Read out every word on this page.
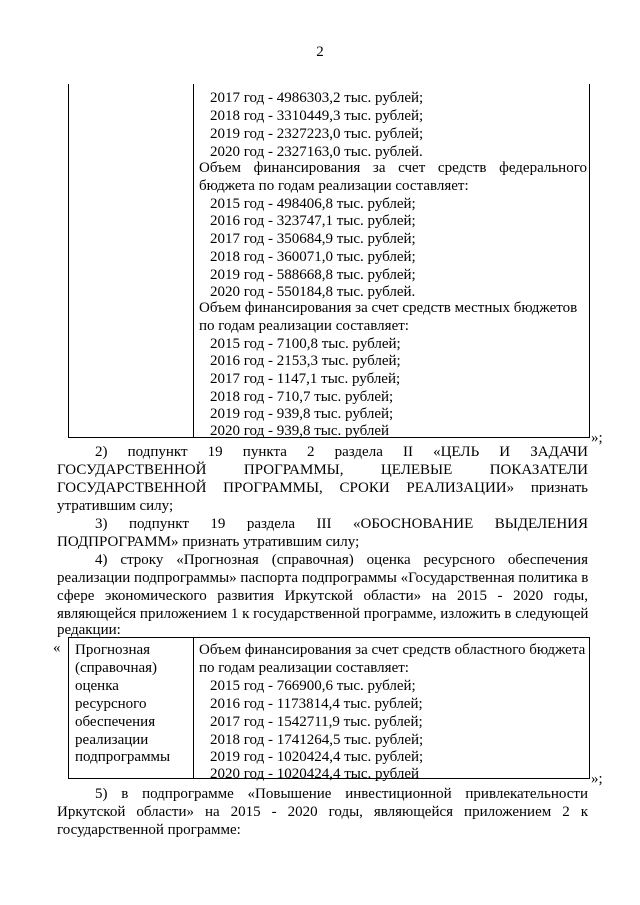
2
2017 год - 4986303,2 тыс. рублей;
2018 год - 3310449,3 тыс. рублей;
2019 год - 2327223,0 тыс. рублей;
2020 год - 2327163,0 тыс. рублей.
Объем финансирования за счет средств федерального
бюджета по годам реализации составляет:
2015 год - 498406,8 тыс. рублей;
2016 год - 323747,1 тыс. рублей;
2017 год - 350684,9 тыс. рублей;
2018 год - 360071,0 тыс. рублей;
2019 год - 588668,8 тыс. рублей;
2020 год - 550184,8 тыс. рублей.
Объем финансирования за счет средств местных бюджетов
по годам реализации составляет:
2015 год - 7100,8 тыс. рублей;
2016 год - 2153,3 тыс. рублей;
2017 год - 1147,1 тыс. рублей;
2018 год - 710,7 тыс. рублей;
2019 год - 939,8 тыс. рублей;
2020 год - 939,8 тыс. рублей	»;
2) подпункт 19 пункта 2 раздела II «ЦЕЛЬ И ЗАДАЧИ
ГОСУДАРСТВЕННОЙ ПРОГРАММЫ, ЦЕЛЕВЫЕ ПОКАЗАТЕЛИ
ГОСУДАРСТВЕННОЙ ПРОГРАММЫ, СРОКИ РЕАЛИЗАЦИИ» признать
утратившим силу;
3) подпункт 19 раздела III «ОБОСНОВАНИЕ ВЫДЕЛЕНИЯ
ПОДПРОГРАММ» признать утратившим силу;
4) строку «Прогнозная (справочная) оценка ресурсного обеспечения
реализации подпрограммы» паспорта подпрограммы «Государственная политика в
сфере экономического развития Иркутской области» на 2015 - 2020 годы,
являющейся приложением 1 к государственной программе, изложить в следующей
редакции:
« Прогнозная
(справочная)
оценка
ресурсного
обеспечения
реализации
подпрограммы
Объем финансирования за счет средств областного бюджета
по годам реализации составляет:
2015 год - 766900,6 тыс. рублей;
2016 год - 1173814,4 тыс. рублей;
2017 год - 1542711,9 тыс. рублей;
2018 год - 1741264,5 тыс. рублей;
2019 год - 1020424,4 тыс. рублей;
2020 год - 1020424,4 тыс. рублей	»;
5) в подпрограмме «Повышение инвестиционной привлекательности
Иркутской области» на 2015 - 2020 годы, являющейся приложением 2 к
государственной программе:
